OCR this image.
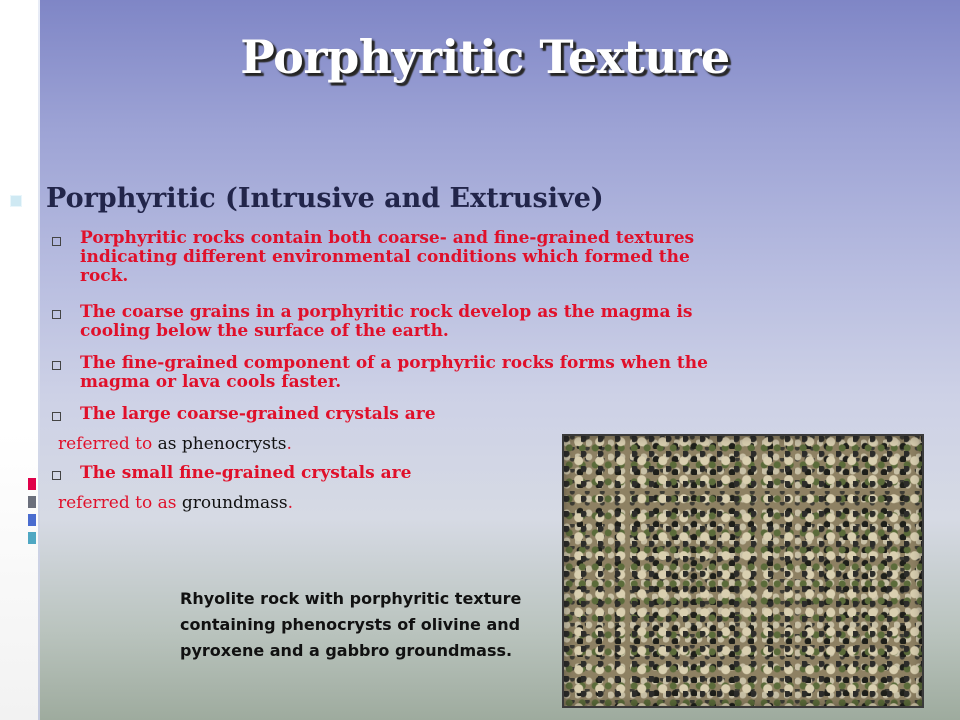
Porphyritic Texture
Porphyritic (Intrusive and Extrusive)
Porphyritic rocks contain both coarse- and fine-grained textures indicating different environmental conditions which formed the rock.
The coarse grains in a porphyritic rock develop as the magma is cooling below the surface of the earth.
The fine-grained component of a porphyriic rocks forms when the magma or lava cools faster.
The large coarse-grained crystals are
referred to as phenocrysts.
The small fine-grained crystals are
referred to as groundmass.
Rhyolite rock with porphyritic texture containing phenocrysts of olivine and pyroxene and a gabbro groundmass.
